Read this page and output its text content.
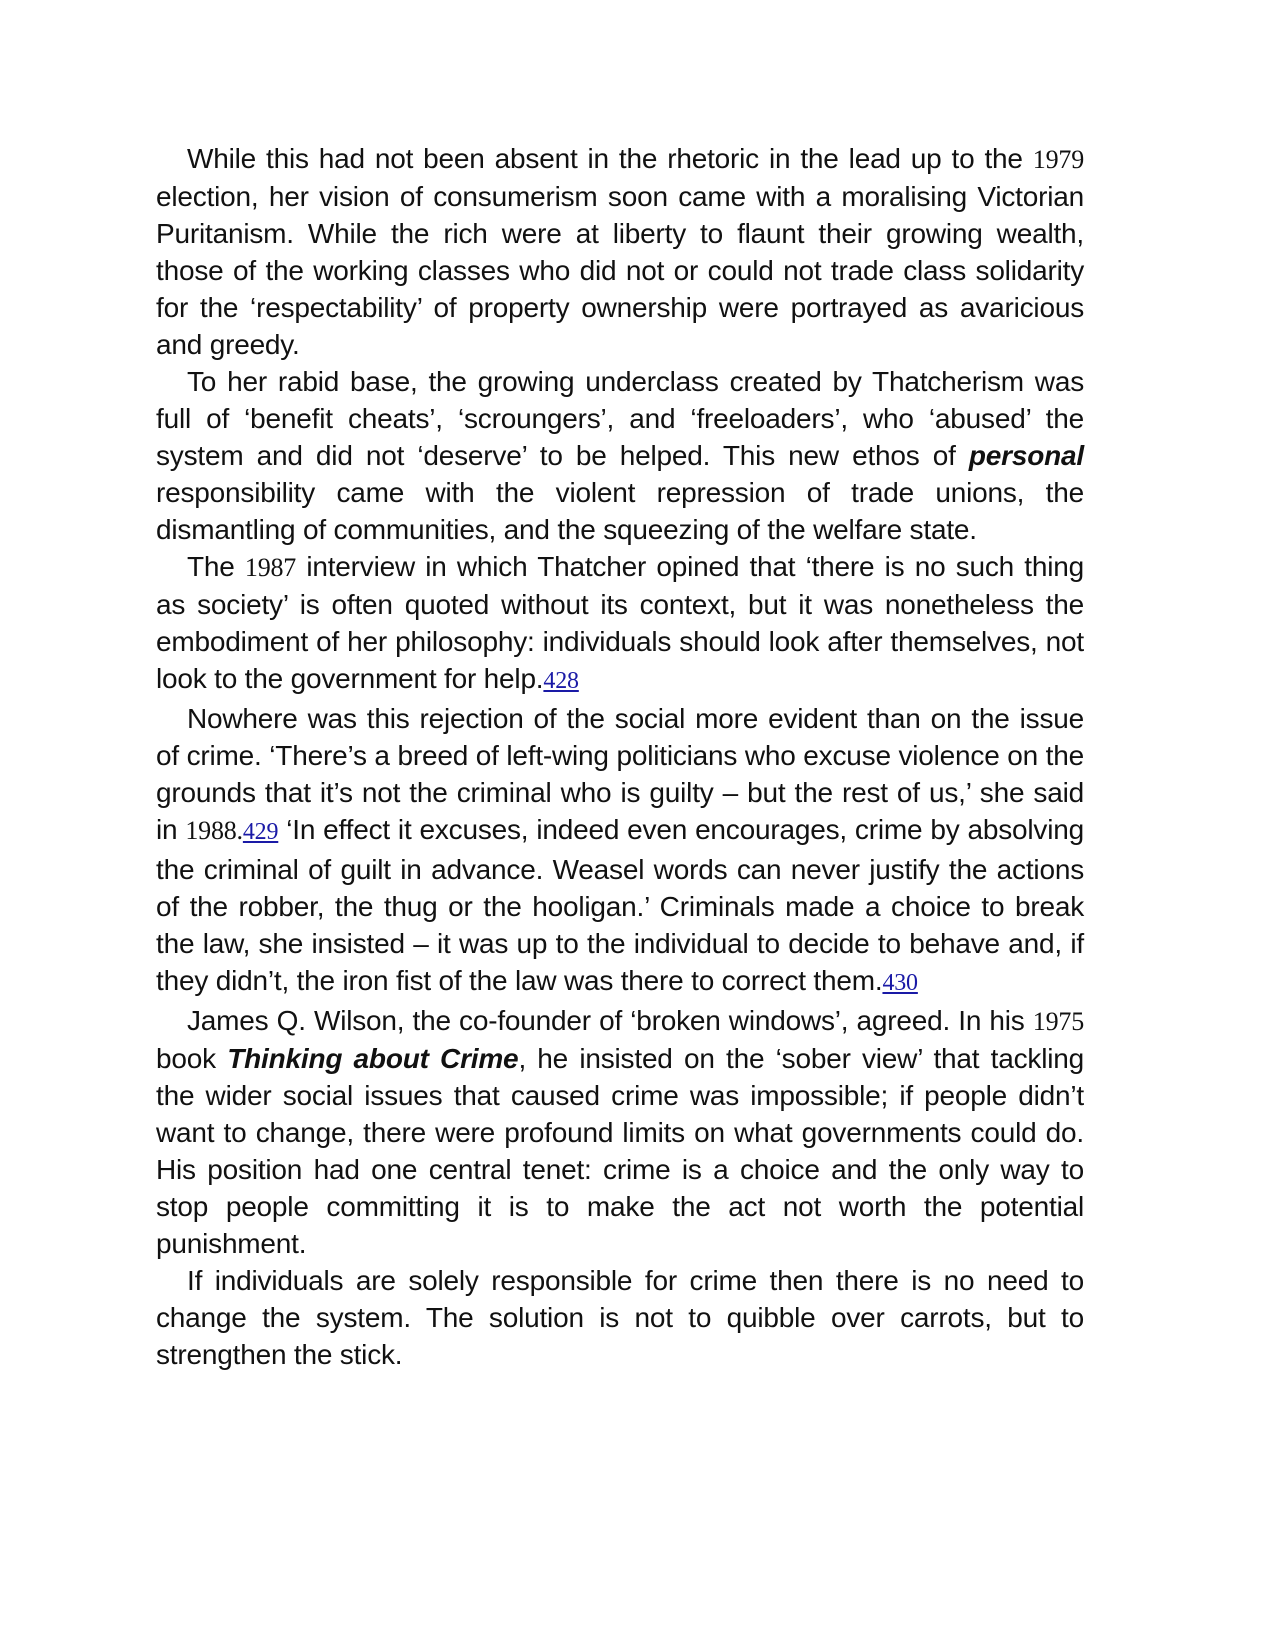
While this had not been absent in the rhetoric in the lead up to the 1979 election, her vision of consumerism soon came with a moralising Victorian Puritanism. While the rich were at liberty to flaunt their growing wealth, those of the working classes who did not or could not trade class solidarity for the ‘respectability’ of property ownership were portrayed as avaricious and greedy.

To her rabid base, the growing underclass created by Thatcherism was full of ‘benefit cheats’, ‘scroungers’, and ‘freeloaders’, who ‘abused’ the system and did not ‘deserve’ to be helped. This new ethos of personal responsibility came with the violent repression of trade unions, the dismantling of communities, and the squeezing of the welfare state.

The 1987 interview in which Thatcher opined that ‘there is no such thing as society’ is often quoted without its context, but it was nonetheless the embodiment of her philosophy: individuals should look after themselves, not look to the government for help.428

Nowhere was this rejection of the social more evident than on the issue of crime. ‘There’s a breed of left-wing politicians who excuse violence on the grounds that it’s not the criminal who is guilty – but the rest of us,’ she said in 1988.429 ‘In effect it excuses, indeed even encourages, crime by absolving the criminal of guilt in advance. Weasel words can never justify the actions of the robber, the thug or the hooligan.’ Criminals made a choice to break the law, she insisted – it was up to the individual to decide to behave and, if they didn’t, the iron fist of the law was there to correct them.430

James Q. Wilson, the co-founder of ‘broken windows’, agreed. In his 1975 book Thinking about Crime, he insisted on the ‘sober view’ that tackling the wider social issues that caused crime was impossible; if people didn’t want to change, there were profound limits on what governments could do. His position had one central tenet: crime is a choice and the only way to stop people committing it is to make the act not worth the potential punishment.

If individuals are solely responsible for crime then there is no need to change the system. The solution is not to quibble over carrots, but to strengthen the stick.
